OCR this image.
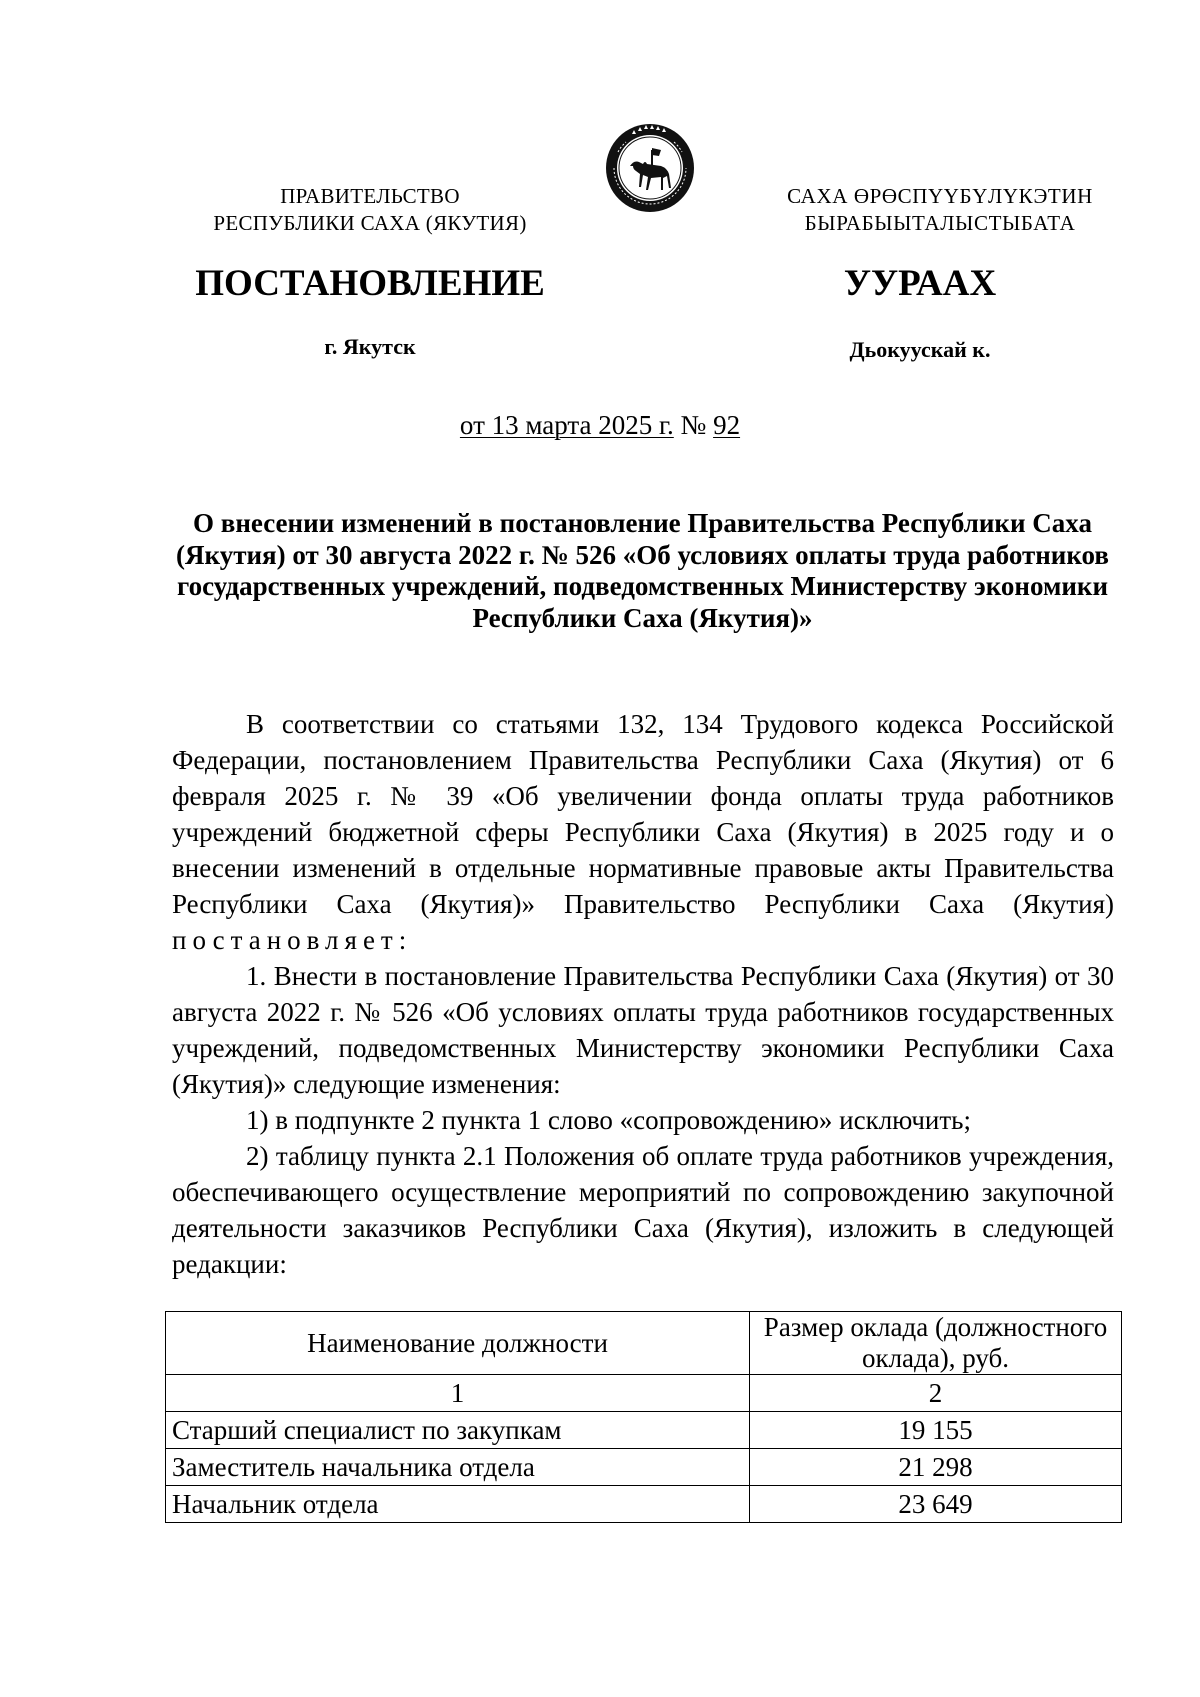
ПРАВИТЕЛЬСТВО
РЕСПУБЛИКИ САХА (ЯКУТИЯ)
САХА ӨРӨСПҮҮБҮЛҮКЭТИН
БЫРАБЫЫТАЛЫСТЫБАТА
ПОСТАНОВЛЕНИЕ	УУРААХ
г. Якутск	Дьокуускай к.
от 13 марта 2025 г. № 92
О внесении изменений в постановление Правительства Республики Саха (Якутия) от 30 августа 2022 г. № 526 «Об условиях оплаты труда работников государственных учреждений, подведомственных Министерству экономики Республики Саха (Якутия)»

В соответствии со статьями 132, 134 Трудового кодекса Российской Федерации, постановлением Правительства Республики Саха (Якутия) от 6 февраля 2025 г. № 39 «Об увеличении фонда оплаты труда работников учреждений бюджетной сферы Республики Саха (Якутия) в 2025 году и о внесении изменений в отдельные нормативные правовые акты Правительства Республики Саха (Якутия)» Правительство Республики Саха (Якутия) постановляет:

1. Внести в постановление Правительства Республики Саха (Якутия) от 30 августа 2022 г. № 526 «Об условиях оплаты труда работников государственных учреждений, подведомственных Министерству экономики Республики Саха (Якутия)» следующие изменения:

1) в подпункте 2 пункта 1 слово «сопровождению» исключить;

2) таблицу пункта 2.1 Положения об оплате труда работников учреждения, обеспечивающего осуществление мероприятий по сопровождению закупочной деятельности заказчиков Республики Саха (Якутия), изложить в следующей редакции:

Наименование должности	Размер оклада (должностного оклада), руб.
1	2
Старший специалист по закупкам	19 155
Заместитель начальника отдела	21 298
Начальник отдела	23 649
